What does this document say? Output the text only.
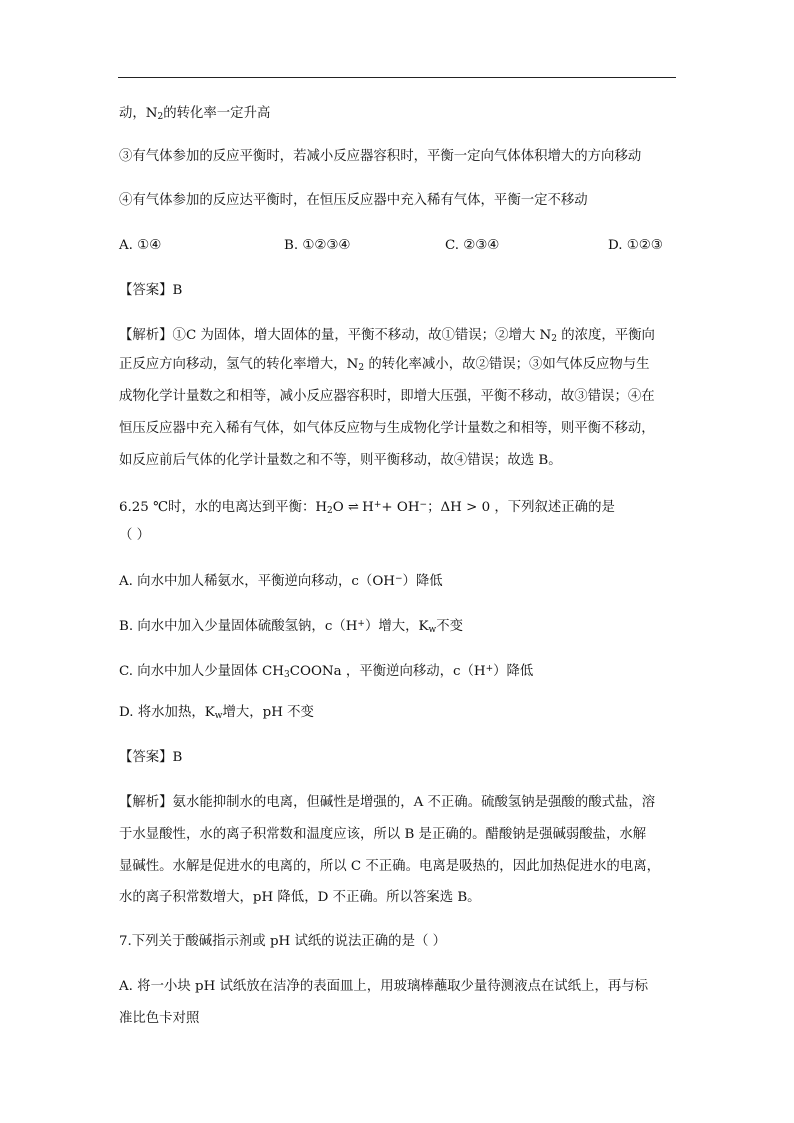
动，$N_2$的转化率一定升高
③有气体参加的反应平衡时，若减小反应器容积时，平衡一定向气体体积增大的方向移动
④有气体参加的反应达平衡时，在恒压反应器中充入稀有气体，平衡一定不移动
A. ①④	B. ①②③④	C. ②③④	D. ①②③
【答案】B
【解析】①C 为固体，增大固体的量，平衡不移动，故①错误；②增大 $N_2$ 的浓度，平衡向
正反应方向移动，氢气的转化率增大，$N_2$ 的转化率减小，故②错误；③如气体反应物与生
成物化学计量数之和相等，减小反应器容积时，即增大压强，平衡不移动，故③错误；④在
恒压反应器中充入稀有气体，如气体反应物与生成物化学计量数之和相等，则平衡不移动，
如反应前后气体的化学计量数之和不等，则平衡移动，故④错误；故选 B。
6.25 ℃时，水的电离达到平衡：$H_2O$ ⇌ H++ OH−；ΔH > 0 ，下列叙述正确的是
（ ）
A. 向水中加人稀氨水，平衡逆向移动，c（OH−）降低
B. 向水中加入少量固体硫酸氢钠，c（H+）增大，$K_w$不变
C. 向水中加人少量固体 $CH_3COONa$ ，平衡逆向移动，c（H+）降低
D. 将水加热，$K_w$增大，pH 不变
【答案】B
【解析】氨水能抑制水的电离，但碱性是增强的，A 不正确。硫酸氢钠是强酸的酸式盐，溶
于水显酸性，水的离子积常数和温度应该，所以 B 是正确的。醋酸钠是强碱弱酸盐，水解
显碱性。水解是促进水的电离的，所以 C 不正确。电离是吸热的，因此加热促进水的电离，
水的离子积常数增大，pH 降低，D 不正确。所以答案选 B。
7.下列关于酸碱指示剂或 pH 试纸的说法正确的是（ ）
A. 将一小块 pH 试纸放在洁净的表面皿上，用玻璃棒蘸取少量待测液点在试纸上，再与标
准比色卡对照
